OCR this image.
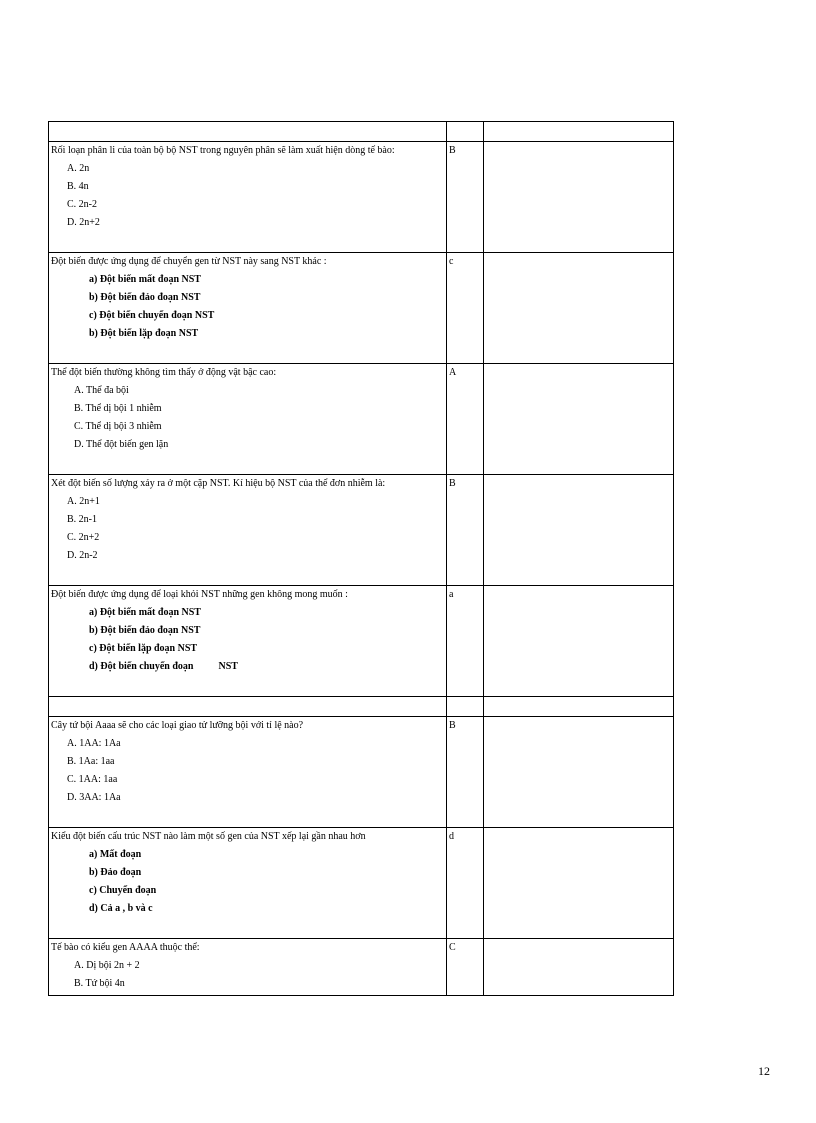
Rối loạn phân li của toàn bộ bộ NST trong nguyên phân sẽ làm xuất hiện dòng tế bào:
A. 2n
B. 4n
C. 2n-2
D. 2n+2	B	

Đột biến được ứng dụng để chuyển gen từ NST này sang NST khác :
a) Đột biến mất đoạn NST
b) Đột biến đảo đoạn NST
c) Đột biến chuyển đoạn NST
b) Đột biến lặp đoạn NST	c	

Thể đột biến thường không tìm thấy ở động vật bậc cao:
A. Thể đa bội
B. Thể dị bội 1 nhiễm
C. Thể dị bội 3 nhiễm
D. Thể đột biến gen lặn	A	

Xét đột biến số lượng xảy ra ở một cặp NST. Kí hiệu bộ NST của thể đơn nhiễm là:
A. 2n+1
B. 2n-1
C. 2n+2
D. 2n-2	B	

Đột biến được ứng dụng để loại khỏi NST những gen không mong muốn :
a) Đột biến mất đoạn NST
b) Đột biến đảo đoạn NST
c) Đột biến lặp đoạn NST
d) Đột biến chuyển đoạn          NST	a	

Cây tứ bội Aaaa sẽ cho các loại giao tử lưỡng bội với tỉ lệ nào?
A. 1AA: 1Aa
B. 1Aa: 1aa
C. 1AA: 1aa
D. 3AA: 1Aa	B	

Kiểu đột biến cấu trúc NST nào làm một số gen của NST xếp lại gần nhau hơn
a) Mất đoạn
b) Đảo đoạn
c) Chuyển đoạn
d) Cả a , b và c	d	

Tế bào có kiểu gen AAAA thuộc thể:
A. Dị bội 2n + 2
B. Tứ bội 4n	C	

12
